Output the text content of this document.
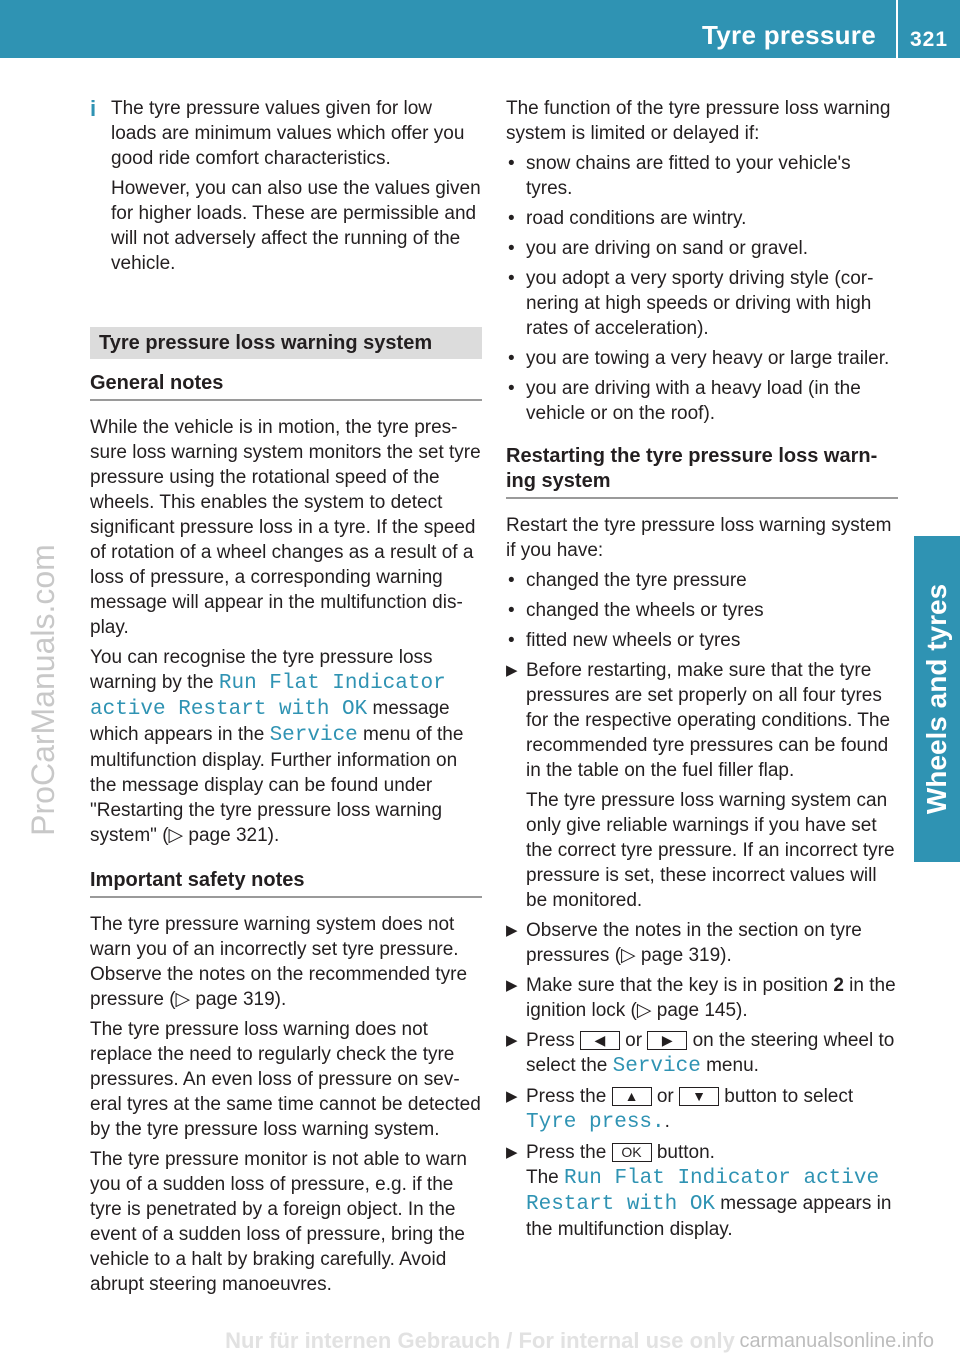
Tyre pressure	321
Wheels and tyres
ProCarManuals.com
i The tyre pressure values given for low loads are minimum values which offer you good ride comfort characteristics.

However, you can also use the values given for higher loads. These are permissible and will not adversely affect the running of the vehicle.

Tyre pressure loss warning system
General notes

While the vehicle is in motion, the tyre pressure loss warning system monitors the set tyre pressure using the rotational speed of the wheels. This enables the system to detect significant pressure loss in a tyre. If the speed of rotation of a wheel changes as a result of a loss of pressure, a corresponding warning message will appear in the multifunction display.

You can recognise the tyre pressure loss warning by the Run Flat Indicator active Restart with OK message which appears in the Service menu of the multifunction display. Further information on the message display can be found under "Restarting the tyre pressure loss warning system" (▷ page 321).

Important safety notes

The tyre pressure warning system does not warn you of an incorrectly set tyre pressure. Observe the notes on the recommended tyre pressure (▷ page 319).

The tyre pressure loss warning does not replace the need to regularly check the tyre pressures. An even loss of pressure on several tyres at the same time cannot be detected by the tyre pressure loss warning system.

The tyre pressure monitor is not able to warn you of a sudden loss of pressure, e.g. if the tyre is penetrated by a foreign object. In the event of a sudden loss of pressure, bring the vehicle to a halt by braking carefully. Avoid abrupt steering manoeuvres.

The function of the tyre pressure loss warning system is limited or delayed if:

• snow chains are fitted to your vehicle's tyres.
• road conditions are wintry.
• you are driving on sand or gravel.
• you adopt a very sporty driving style (cornering at high speeds or driving with high rates of acceleration).
• you are towing a very heavy or large trailer.
• you are driving with a heavy load (in the vehicle or on the roof).
Restarting the tyre pressure loss warning system

Restart the tyre pressure loss warning system if you have:

• changed the tyre pressure
• changed the wheels or tyres
• fitted new wheels or tyres
▶ Before restarting, make sure that the tyre pressures are set properly on all four tyres for the respective operating conditions. The recommended tyre pressures can be found in the table on the fuel filler flap.

The tyre pressure loss warning system can only give reliable warnings if you have set the correct tyre pressure. If an incorrect tyre pressure is set, these incorrect values will be monitored.

▶ Observe the notes in the section on tyre pressures (▷ page 319).

▶ Make sure that the key is in position 2 in the ignition lock (▷ page 145).

▶ Press ◀ or ▶ on the steering wheel to select the Service menu.

▶ Press the ▲ or ▼ button to select Tyre press..

▶ Press the OK button.
The Run Flat Indicator active Restart with OK message appears in the multifunction display.

Nur für internen Gebrauch / For internal use only carmanualsonline.info
